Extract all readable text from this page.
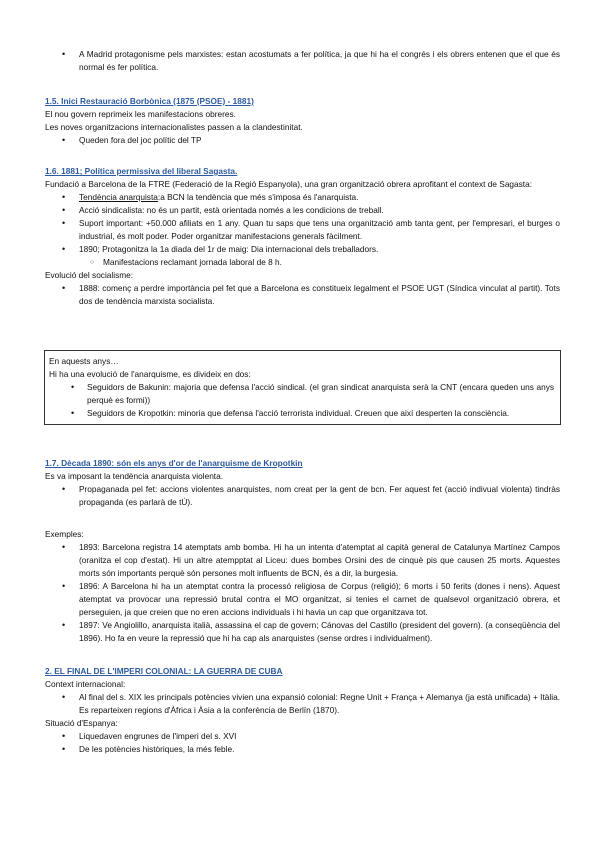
• A Madrid protagonisme pels marxistes: estan acostumats a fer política, ja que hi ha el congrés i els obrers entenen que el que és normal és fer política.

1.5. Inici Restauració Borbònica (1875 (PSOE) - 1881)

El nou govern reprimeix les manifestacions obreres.

Les noves organitzacions internacionalistes passen a la clandestinitat.

• Queden fora del joc polític del TP

1.6. 1881; Política permissiva del liberal Sagasta.

Fundació a Barcelona de la FTRE (Federació de la Regió Espanyola), una gran organització obrera aprofitant el context de Sagasta:

• Tendència anarquista:a BCN la tendència que més s'imposa és l'anarquista.

• Acció sindicalista: no és un partit, està orientada només a les condicions de treball.

• Suport important: +50.000 afiliats en 1 any. Quan tu saps que tens una organització amb tanta gent, per l'empresari, el burges o industrial, és molt poder. Poder organitzar manifestacions generals fàcilment.

• 1890; Protagonitza la 1a diada del 1r de maig: Dia internacional dels treballadors.

○ Manifestacions reclamant jornada laboral de 8 h.

Evolució del socialisme:

• 1888: començ a perdre importància pel fet que a Barcelona es constitueix legalment el PSOE UGT (Síndica vinculat al partit). Tots dos de tendència marxista socialista.

En aquests anys…

Hi ha una evolució de l'anarquisme, es divideix en dos:

• Seguidors de Bakunin: majoria que defensa l'acció sindical. (el gran sindicat anarquista serà la CNT (encara queden uns anys perquè es formi))

• Seguidors de Kropotkin: minoria que defensa l'acció terrorista individual. Creuen que així desperten la consciència.

1.7. Dècada 1890: són els anys d'or de l'anarquisme de Kropotkin

Es va imposant la tendència anarquista violenta.

• Propaganada pel fet: accions violentes anarquistes, nom creat per la gent de bcn. Fer aquest fet (acció indivual violenta) tindràs propaganda (es parlarà de tÚ).

Exemples:

• 1893: Barcelona registra 14 atemptats amb bomba. Hi ha un intenta d'atemptat al capità general de Catalunya Martínez Campos (oranitza el cop d'estat). Hi un altre atempptat al Liceu: dues bombes Orsini des de cinquè pis que causen 25 morts. Aquestes morts són importants perquè són persones molt influents de BCN, és a dir, la burgesia.

• 1896: A Barcelona hi ha un atemptat contra la processó religiosa de Corpus (religió); 6 morts i 50 ferits (dones i nens). Aquest atemptat va provocar una repressió brutal contra el MO organitzat, si tenies el carnet de qualsevol organització obrera, et perseguien, ja que creien que no eren accions individuals i hi havia un cap que organitzava tot.

• 1897: Ve Angiolillo, anarquista italià, assassina el cap de govern; Cánovas del Castillo (president del govern). (a conseqüència del 1896). Ho fa en veure la repressió que hi ha cap als anarquistes (sense ordres i individualment).

2. EL FINAL DE L'IMPERI COLONIAL: LA GUERRA DE CUBA

Context internacional:

• Al final del s. XIX les principals potències vivien una expansió colonial: Regne Unit + França + Alemanya (ja està unificada) + Itàlia. Es reparteixen regions d'Àfrica i Àsia a la conferència de Berlín (1870).

Situació d'Espanya:

• Liquedaven engrunes de l'imperi del s. XVI

• De les potències històriques, la més feble.
